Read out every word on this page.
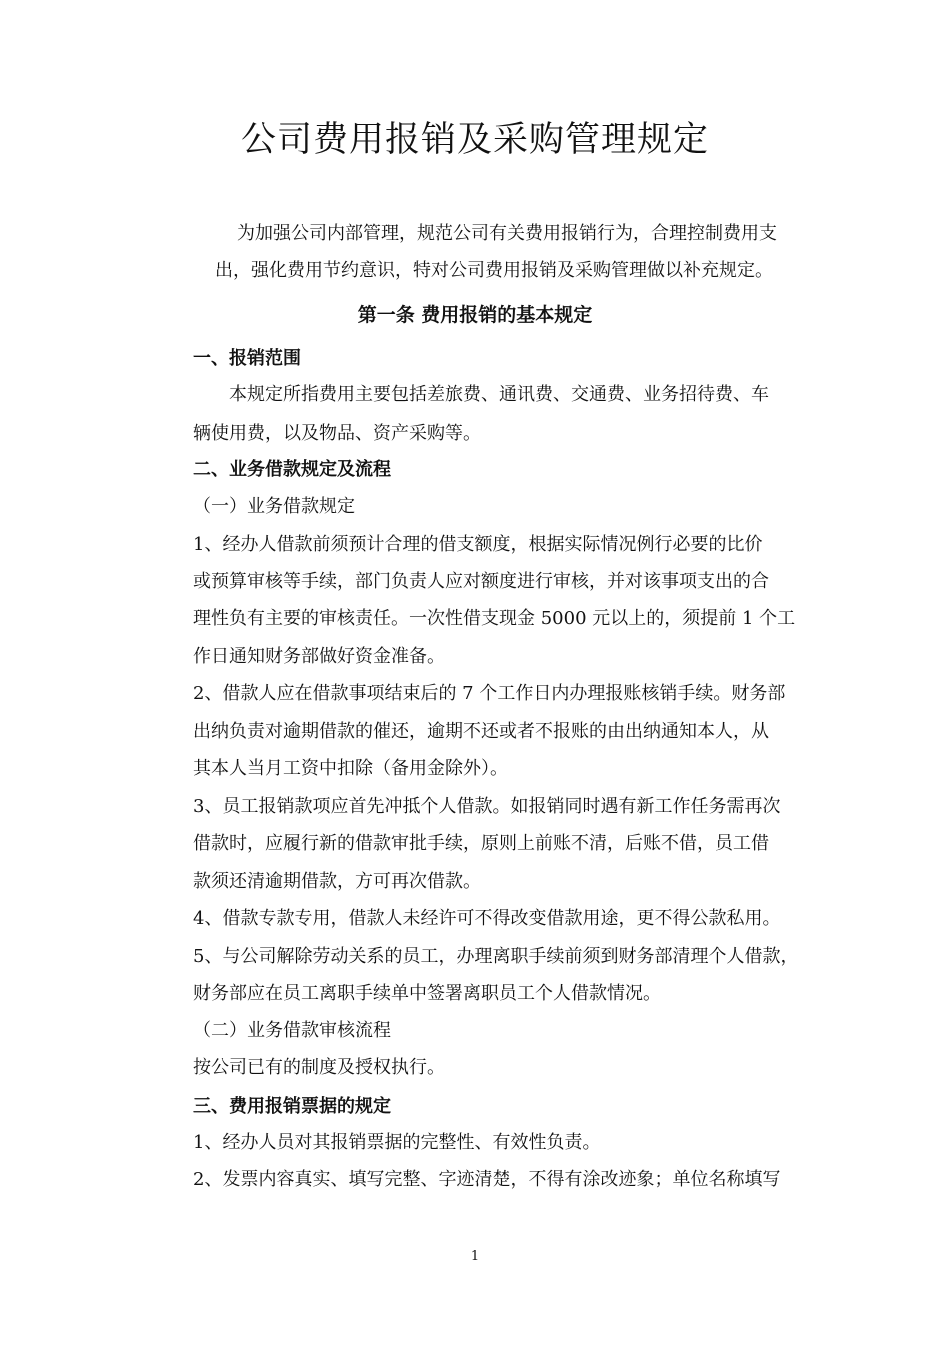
公司费用报销及采购管理规定
为加强公司内部管理，规范公司有关费用报销行为，合理控制费用支
出，强化费用节约意识，特对公司费用报销及采购管理做以补充规定。
第一条 费用报销的基本规定
一、报销范围
本规定所指费用主要包括差旅费、通讯费、交通费、业务招待费、车
辆使用费，以及物品、资产采购等。
二、业务借款规定及流程
（一）业务借款规定
1、经办人借款前须预计合理的借支额度，根据实际情况例行必要的比价
或预算审核等手续，部门负责人应对额度进行审核，并对该事项支出的合
理性负有主要的审核责任。一次性借支现金 5000 元以上的，须提前 1 个工
作日通知财务部做好资金准备。
2、借款人应在借款事项结束后的 7 个工作日内办理报账核销手续。财务部
出纳负责对逾期借款的催还，逾期不还或者不报账的由出纳通知本人，从
其本人当月工资中扣除（备用金除外）。
3、员工报销款项应首先冲抵个人借款。如报销同时遇有新工作任务需再次
借款时，应履行新的借款审批手续，原则上前账不清，后账不借，员工借
款须还清逾期借款，方可再次借款。
4、借款专款专用，借款人未经许可不得改变借款用途，更不得公款私用。
5、与公司解除劳动关系的员工，办理离职手续前须到财务部清理个人借款，
财务部应在员工离职手续单中签署离职员工个人借款情况。
（二）业务借款审核流程
按公司已有的制度及授权执行。
三、费用报销票据的规定
1、经办人员对其报销票据的完整性、有效性负责。
2、发票内容真实、填写完整、字迹清楚，不得有涂改迹象；单位名称填写
1
